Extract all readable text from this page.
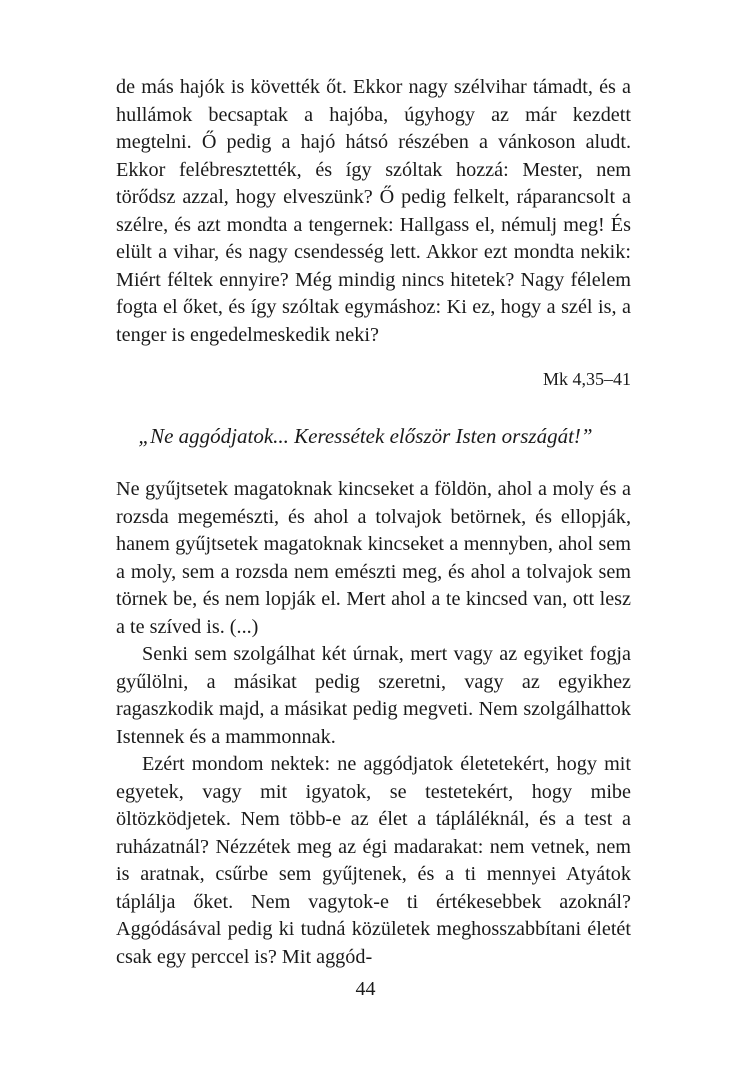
de más hajók is követték őt. Ekkor nagy szélvihar támadt, és a hullámok becsaptak a hajóba, úgyhogy az már kezdett megtelni. Ő pedig a hajó hátsó részében a vánkoson aludt. Ekkor felébresztették, és így szóltak hozzá: Mester, nem törődsz azzal, hogy elveszünk? Ő pedig felkelt, ráparancsolt a szélre, és azt mondta a tengernek: Hallgass el, némulj meg! És elült a vihar, és nagy csendesség lett. Akkor ezt mondta nekik: Miért féltek ennyire? Még mindig nincs hitetek? Nagy félelem fogta el őket, és így szóltak egymáshoz: Ki ez, hogy a szél is, a tenger is engedelmeskedik neki?

Mk 4,35–41

„Ne aggódjatok... Keressétek először Isten országát!”

Ne gyűjtsetek magatoknak kincseket a földön, ahol a moly és a rozsda megemészti, és ahol a tolvajok betörnek, és ellopják, hanem gyűjtsetek magatoknak kincseket a mennyben, ahol sem a moly, sem a rozsda nem emészti meg, és ahol a tolvajok sem törnek be, és nem lopják el. Mert ahol a te kincsed van, ott lesz a te szíved is. (...)

Senki sem szolgálhat két úrnak, mert vagy az egyiket fogja gyűlölni, a másikat pedig szeretni, vagy az egyikhez ragaszkodik majd, a másikat pedig megveti. Nem szolgálhattok Istennek és a mammonnak.

Ezért mondom nektek: ne aggódjatok életetekért, hogy mit egyetek, vagy mit igyatok, se testetekért, hogy mibe öltözködjetek. Nem több-e az élet a tápláléknál, és a test a ruházatnál? Nézzétek meg az égi madarakat: nem vetnek, nem is aratnak, csűrbe sem gyűjtenek, és a ti mennyei Atyátok táplálja őket. Nem vagytok-e ti értékesebbek azoknál? Aggódásával pedig ki tudná közületek meghosszabbítani életét csak egy perccel is? Mit aggód-

44
